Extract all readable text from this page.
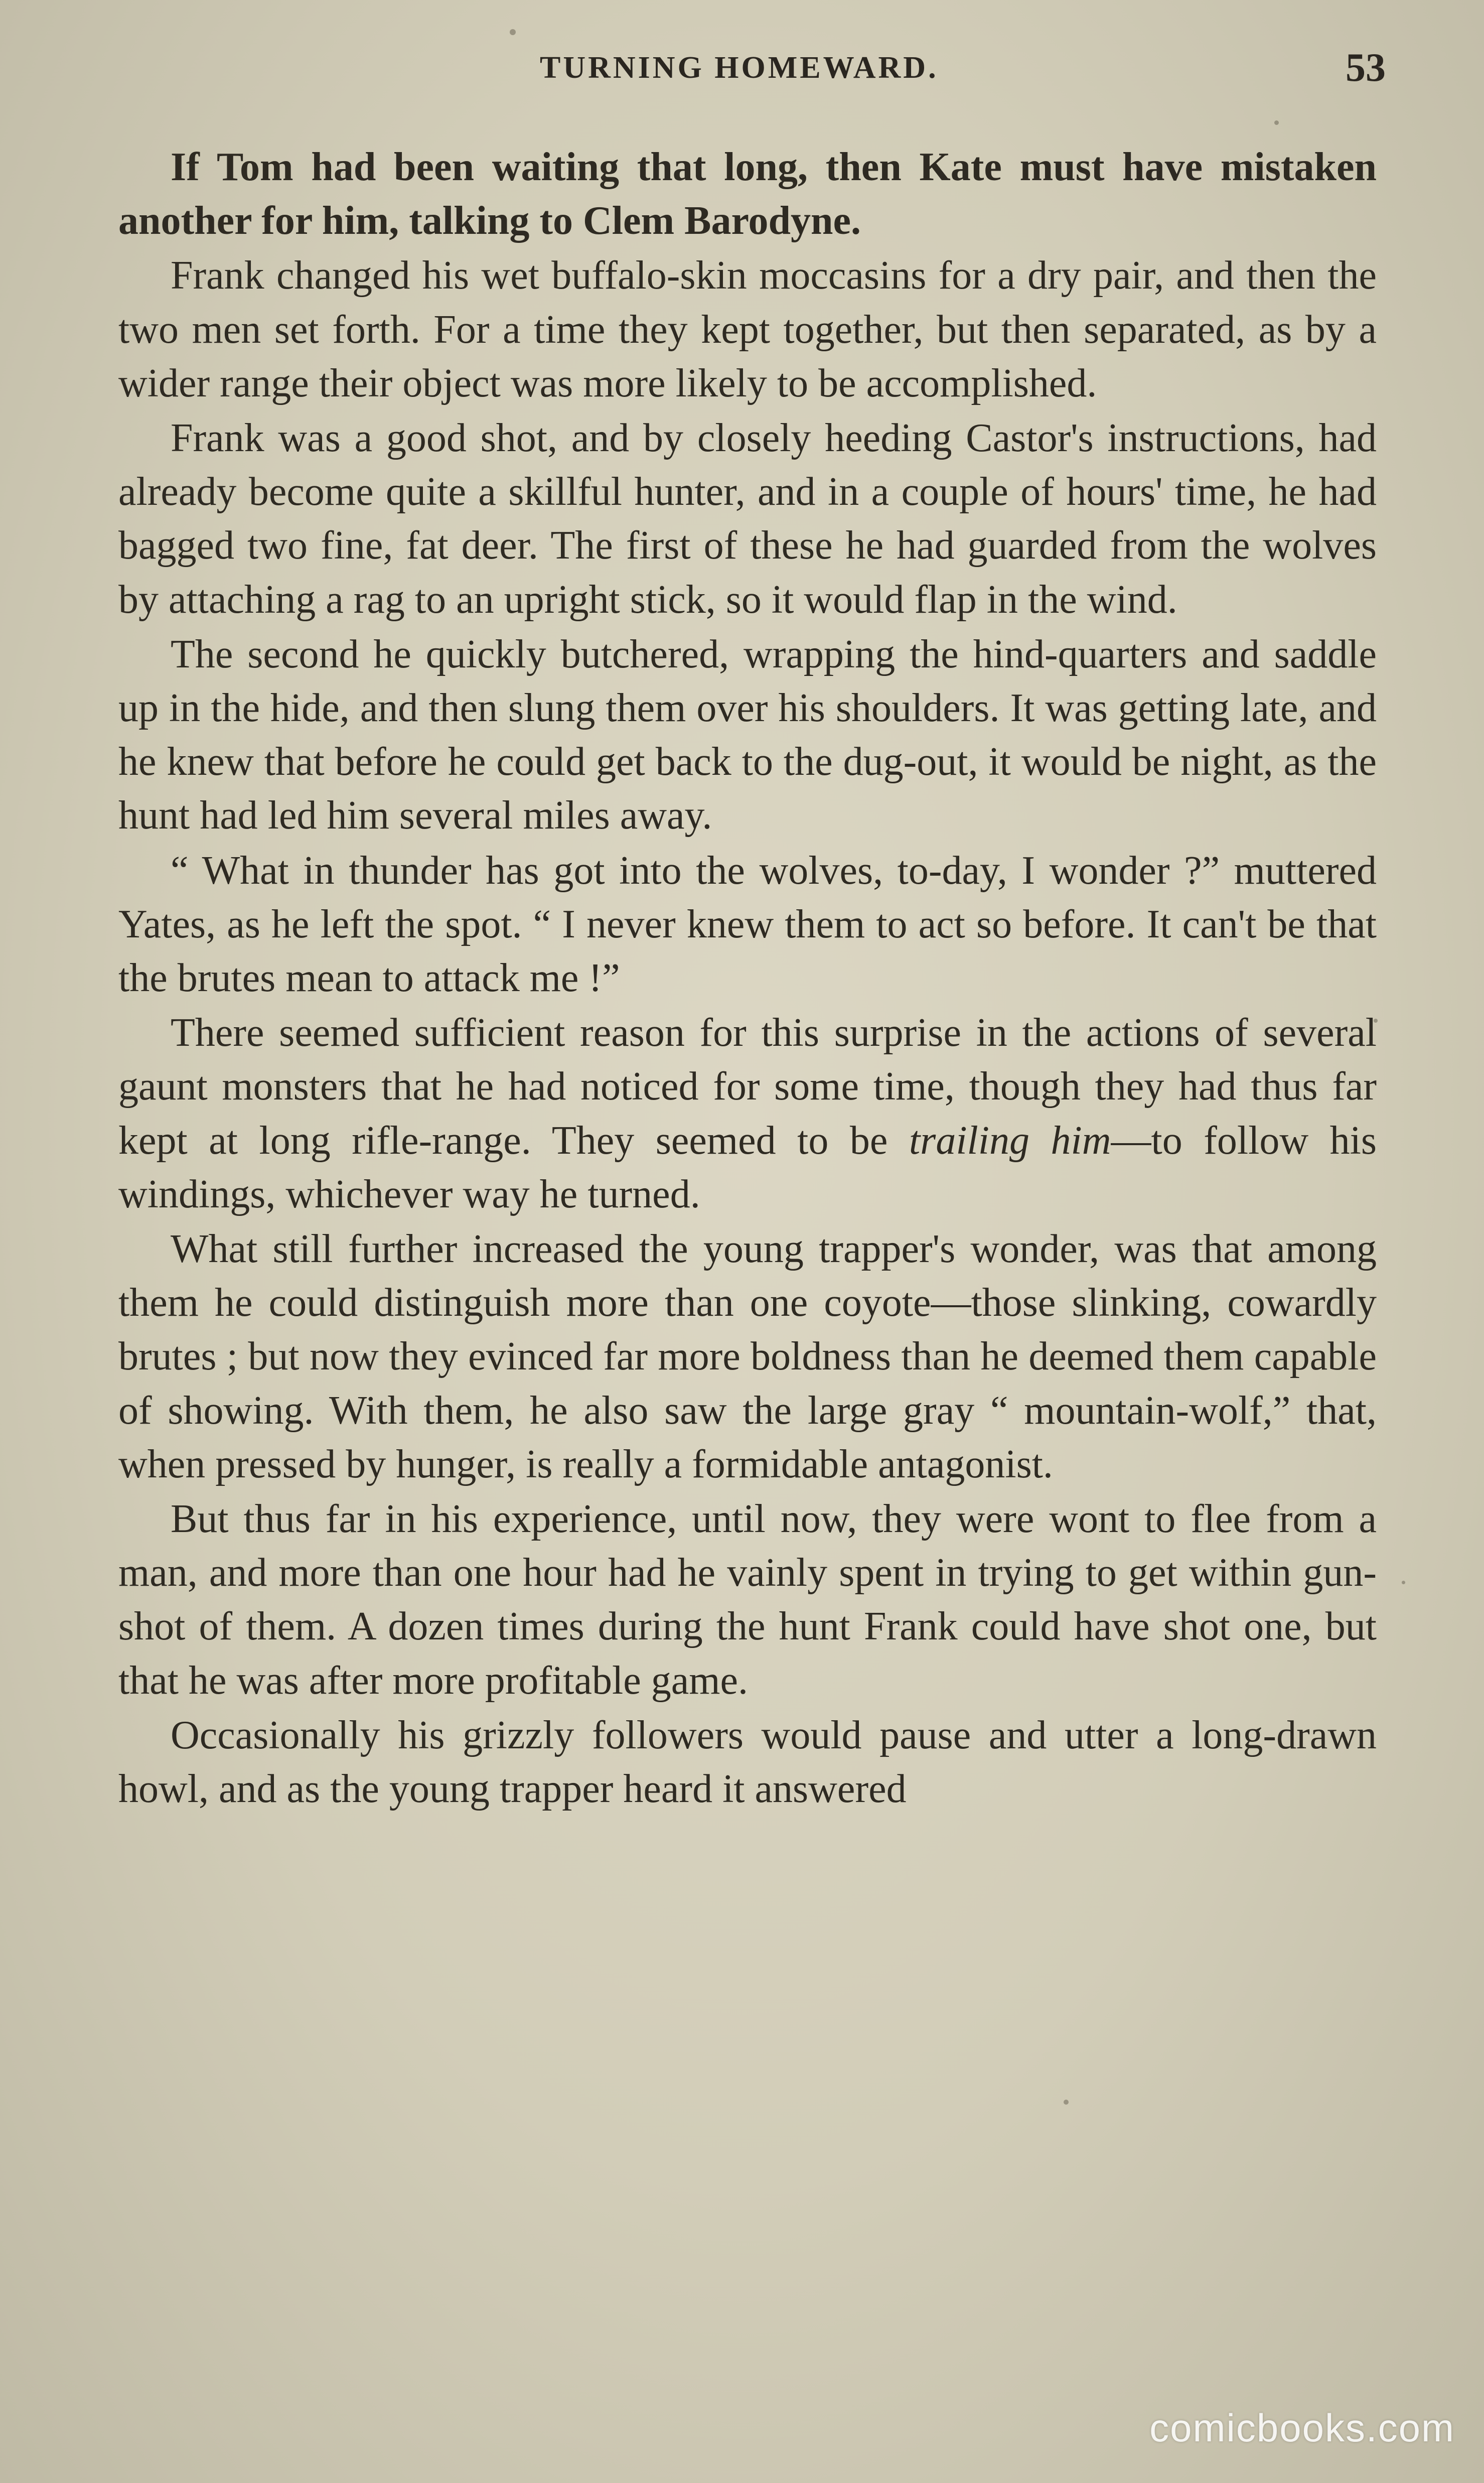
TURNING HOMEWARD.	53

If Tom had been waiting that long, then Kate must have mistaken another for him, talking to Clem Barodyne.

Frank changed his wet buffalo-skin moccasins for a dry pair, and then the two men set forth. For a time they kept together, but then separated, as by a wider range their object was more likely to be accomplished.

Frank was a good shot, and by closely heeding Castor's instructions, had already become quite a skillful hunter, and in a couple of hours' time, he had bagged two fine, fat deer. The first of these he had guarded from the wolves by attaching a rag to an upright stick, so it would flap in the wind.

The second he quickly butchered, wrapping the hind-quarters and saddle up in the hide, and then slung them over his shoulders. It was getting late, and he knew that before he could get back to the dug-out, it would be night, as the hunt had led him several miles away.

“ What in thunder has got into the wolves, to-day, I wonder ?” muttered Yates, as he left the spot. “ I never knew them to act so before. It can't be that the brutes mean to attack me !”

There seemed sufficient reason for this surprise in the actions of several gaunt monsters that he had noticed for some time, though they had thus far kept at long rifle-range. They seemed to be trailing him—to follow his windings, whichever way he turned.

What still further increased the young trapper's wonder, was that among them he could distinguish more than one coyote—those slinking, cowardly brutes ; but now they evinced far more boldness than he deemed them capable of showing. With them, he also saw the large gray “ mountain-wolf,” that, when pressed by hunger, is really a formidable antagonist.

But thus far in his experience, until now, they were wont to flee from a man, and more than one hour had he vainly spent in trying to get within gun-shot of them. A dozen times during the hunt Frank could have shot one, but that he was after more profitable game.

Occasionally his grizzly followers would pause and utter a long-drawn howl, and as the young trapper heard it answered

comicbooks.com
